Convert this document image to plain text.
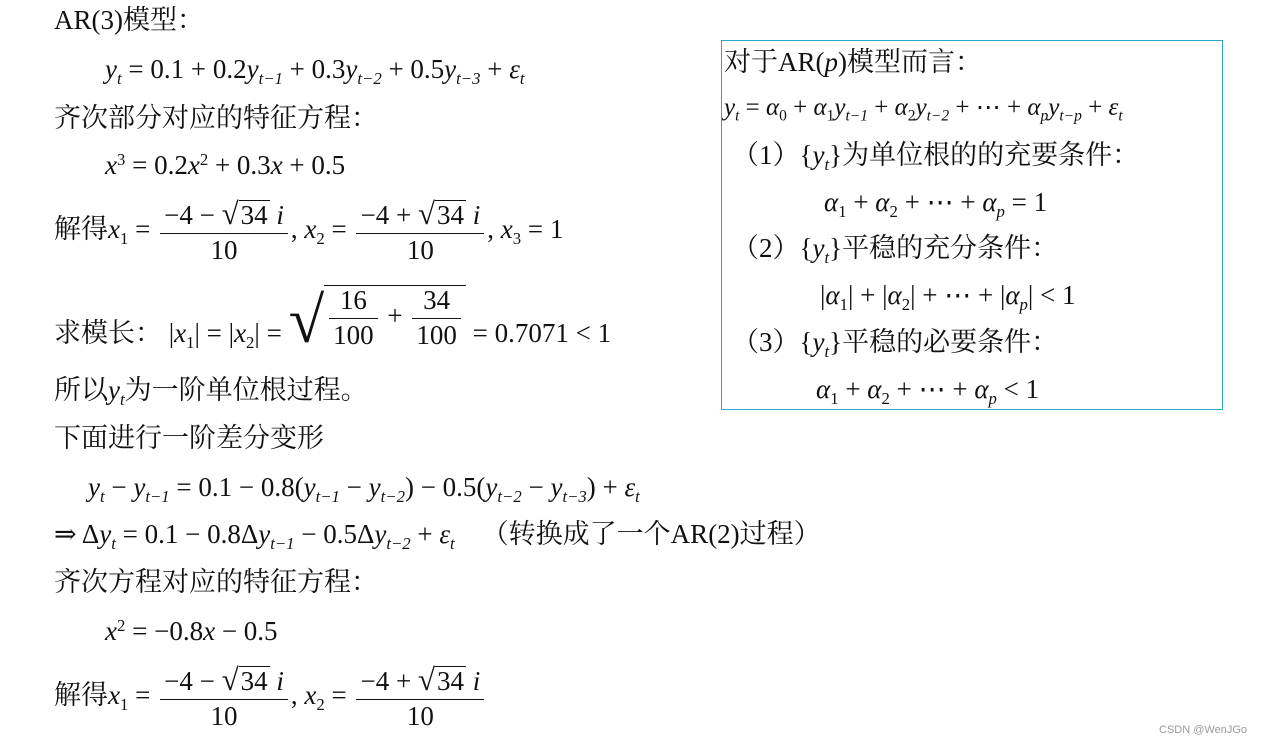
AR(3)模型：
$y_t = 0.1 + 0.2y_{t-1} + 0.3y_{t-2} + 0.5y_{t-3} + \varepsilon_t$
齐次部分对应的特征方程：
$x^3 = 0.2x^2 + 0.3x + 0.5$
解得$x_1 = \frac{-4 - √ 34 i}{10}$ , $x_2 = \frac{-4 + √ 34 i}{10}$ , $x_3 = 1$
求模长： $|x_1| = |x_2|$ = √ $\frac{16}{100} + \frac{34}{100} = 0.7071 < 1$
所以$y_t$为一阶单位根过程。
下面进行一阶差分变形
$y_t - y_{t-1} = 0.1 - 0.8(y_{t-1} - y_{t-2}) - 0.5(y_{t-2} - y_{t-3}) + \varepsilon_t$
⇒ $\Delta y_t = 0.1 - 0.8\Delta y_{t-1} - 0.5\Delta y_{t-2} + \varepsilon_t$ （转换成了一个AR(2)过程）
齐次方程对应的特征方程：
$x^2 = -0.8x - 0.5$
解得$x_1 = \frac{-4 - √ 34 i}{10}$ , $x_2 = \frac{-4 + √ 34 i}{10}$
对于AR(p)模型而言：
$y_t = \alpha_0 + \alpha_1y_{t-1} + \alpha_2y_{t-2}$ + ⋯ + $\alpha_py_{t-p} + \varepsilon_t$
$(1)\{y_t\}$为单位根的的充要条件：
$\alpha_1 + \alpha_2$ + ⋯ + $\alpha_p = 1$
$(2)\{y_t\}$平稳的充分条件：
$|\alpha_1| + |\alpha_2|$ + ⋯ + $|\alpha_p| < 1$
$(3)\{y_t\}$平稳的必要条件：
$\alpha_1 + \alpha_2$ + ⋯ + $\alpha_p < 1$
CSDN @WenJGo
